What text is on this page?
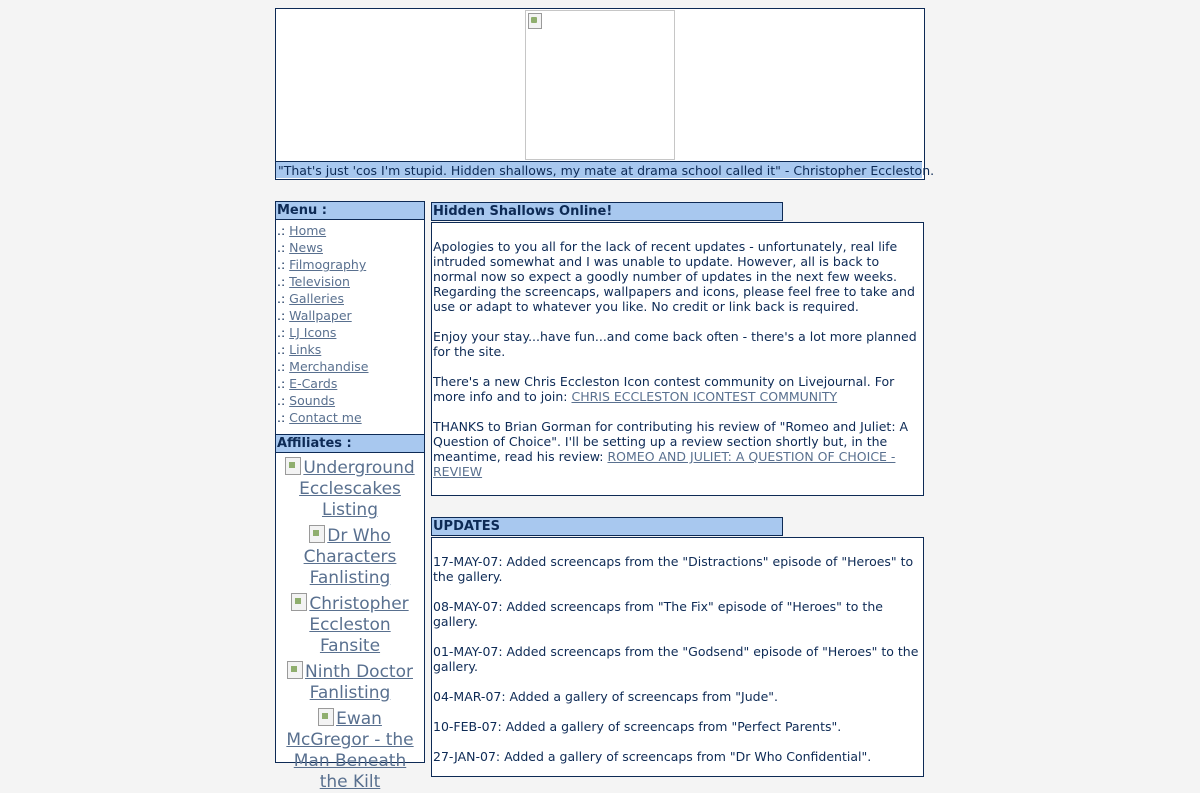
"That's just 'cos I'm stupid. Hidden shallows, my mate at drama school called it" - Christopher Eccleston.
Menu :
.: Home
.: News
.: Filmography
.: Television
.: Galleries
.: Wallpaper
.: LJ Icons
.: Links
.: Merchandise
.: E-Cards
.: Sounds
.: Contact me
Affiliates :
Underground Ecclescakes Listing
Dr Who Characters Fanlisting
Christopher Eccleston Fansite
Ninth Doctor Fanlisting
Ewan McGregor - the Man Beneath the Kilt
Hidden Shallows Online!

Apologies to you all for the lack of recent updates - unfortunately, real life intruded somewhat and I was unable to update. However, all is back to normal now so expect a goodly number of updates in the next few weeks. Regarding the screencaps, wallpapers and icons, please feel free to take and use or adapt to whatever you like. No credit or link back is required.

Enjoy your stay...have fun...and come back often - there's a lot more planned for the site.

There's a new Chris Eccleston Icon contest community on Livejournal. For more info and to join: CHRIS ECCLESTON ICONTEST COMMUNITY

THANKS to Brian Gorman for contributing his review of "Romeo and Juliet: A Question of Choice". I'll be setting up a review section shortly but, in the meantime, read his review: ROMEO AND JULIET: A QUESTION OF CHOICE - REVIEW

UPDATES

17-MAY-07: Added screencaps from the "Distractions" episode of "Heroes" to the gallery.

08-MAY-07: Added screencaps from "The Fix" episode of "Heroes" to the gallery.

01-MAY-07: Added screencaps from the "Godsend" episode of "Heroes" to the gallery.

04-MAR-07: Added a gallery of screencaps from "Jude".

10-FEB-07: Added a gallery of screencaps from "Perfect Parents".

27-JAN-07: Added a gallery of screencaps from "Dr Who Confidential".
